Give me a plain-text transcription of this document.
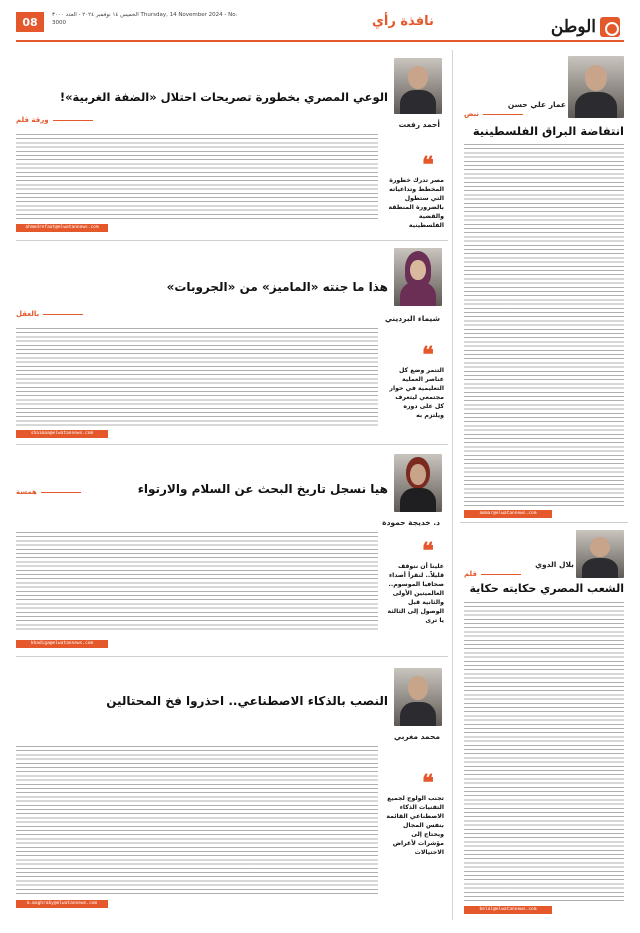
الوطن
نافذة رأي
الخميس ١٤ نوفمبر ٢٠٢٤ - العدد ٣٠٠٠ Thursday, 14 November 2024 - No. 3000
08
نبض
عمار علي حسن
انتفاضة البراق الفلسطينية
ammar@elwatannews.com
قلم
بلال الدوي
الشعب المصري حكايته حكاية
belal@elwatannews.com
ورقة قلم
الوعي المصري بخطورة تصريحات احتلال «الضفة الغربية»!
أحمد رفعت
❝
مصر تدرك خطورة المخطط وتداعياته التي ستطول بالضرورة المنطقة والقضية الفلسطينية
ahmedrefaat@elwatannews.com
بالعقل
هذا ما جنته «الماميز» من «الجروبات»
شيماء البرديني
❝
التنمر وضع كل عناصر العملية التعليمية في حوار مجتمعي ليتعرف كل على دوره ويلتزم به
shaimaa@elwatannews.com
همسة	هيا نسجل تاريخ البحث عن السلام والارتواء
د. خديجة حمودة
❝
علينا أن نتوقف قليلاً.. لنقرأ أصداء صحافيا الموسوم.. العالميتين الأولى والثانية قبل الوصول إلى الثالثة يا ترى
khadiga@elwatannews.com
النصب بالذكاء الاصطناعي.. احذروا فخ المحتالين
محمد مغربي
❝
تجنب الولوج لجميع التقنيات الذكاء الاصطناعي القائمة بنفس المجال ويحتاج إلى مؤشرات لأغراض الاحتيالات
m.maghraby@elwatannews.com
